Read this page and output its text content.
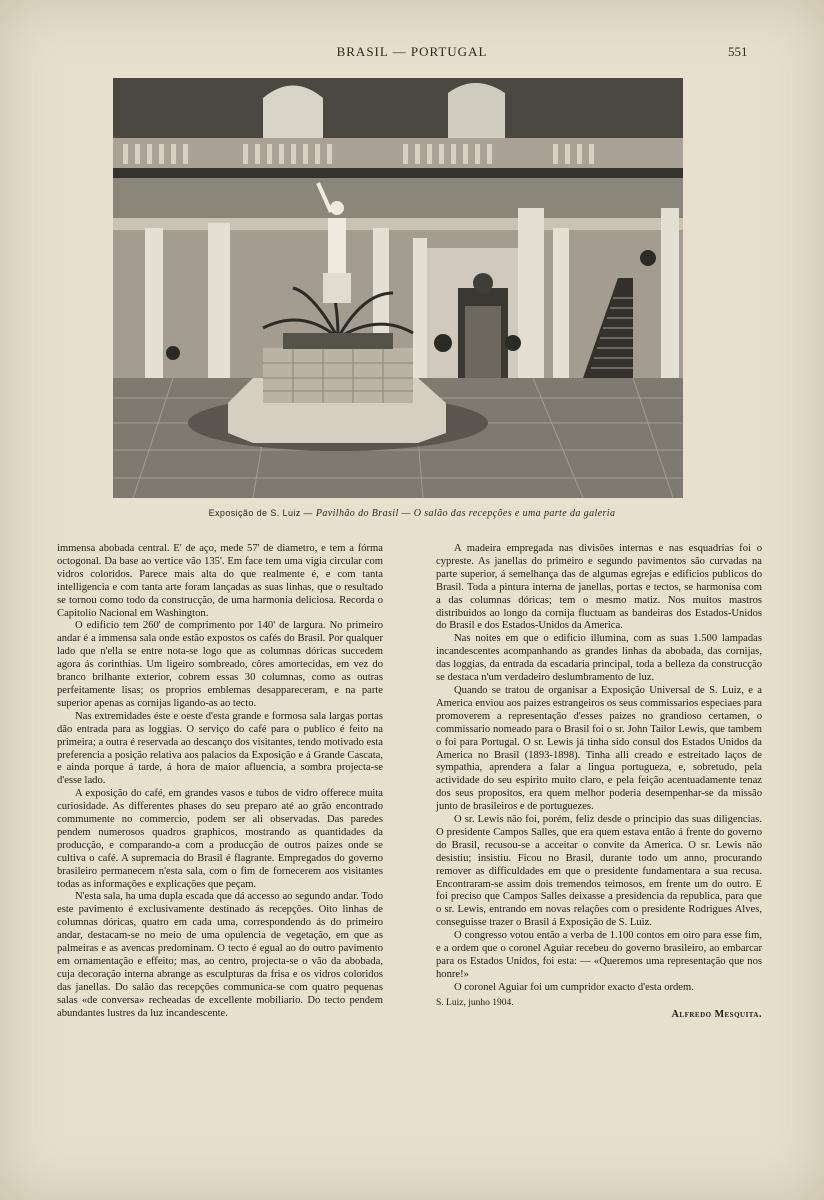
BRASIL — PORTUGAL	551
Exposição de S. Luiz — Pavilhão do Brasil — O salão das recepções e uma parte da galeria

immensa abobada central. E' de aço, mede 57' de diametro, e tem a fórma octogonal. Da base ao vertice vão 135'. Em face tem uma vigia circular com vidros coloridos. Parece mais alta do que realmente é, e com tanta intelligencia e com tanta arte foram lançadas as suas linhas, que o resultado se tornou como todo da construcção, de uma harmonia deliciosa. Recorda o Capitolio Nacional em Washington.

O edificio tem 260' de comprimento por 140' de largura. No primeiro andar é a immensa sala onde estão expostos os cafés do Brasil. Por qualquer lado que n'ella se entre nota-se logo que as columnas dóricas succedem agora ás corinthias. Um ligeiro sombreado, côres amortecidas, em vez do branco brilhante exterior, cobrem essas 30 columnas, como as outras perfeitamente lisas; os proprios emblemas desappareceram, e na parte superior apenas as cornijas ligando-as ao tecto.

Nas extremidades éste e oeste d'esta grande e formosa sala largas portas dão entrada para as loggias. O serviço do café para o publico é feito na primeira; a outra é reservada ao descanço dos visitantes, tendo motivado esta preferencia a posição relativa aos palacios da Exposição e á Grande Cascata, e ainda porque á tarde, á hora de maior afluencia, a sombra projecta-se d'esse lado.

A exposição do café, em grandes vasos e tubos de vidro offerece muita curiosidade. As differentes phases do seu preparo até ao grão encontrado commumente no commercio, podem ser ali observadas. Das paredes pendem numerosos quadros graphicos, mostrando as quantidades da producção, e comparando-a com a producção de outros paizes onde se cultiva o café. A supremacia do Brasil é flagrante. Empregados do governo brasileiro permanecem n'esta sala, com o fim de fornecerem aos visitantes todas as informações e explicações que peçam.

N'esta sala, ha uma dupla escada que dá accesso ao segundo andar. Todo este pavimento é exclusivamente destinado ás recepções. Oito linhas de columnas dóricas, quatro em cada uma, correspondendo ás do primeiro andar, destacam-se no meio de uma opulencia de vegetação, em que as palmeiras e as avencas predominam. O tecto é egual ao do outro pavimento em ornamentação e effeito; mas, ao centro, projecta-se o vão da abobada, cuja decoração interna abrange as esculpturas da frisa e os vidros coloridos das janellas. Do salão das recepções communica-se com quatro pequenas salas «de conversa» recheadas de excellente mobiliario. Do tecto pendem abundantes lustres da luz incandescente.

A madeira empregada nas divisões internas e nas esquadrias foi o cypreste. As janellas do primeiro e segundo pavimentos são curvadas na parte superior, á semelhança das de algumas egrejas e edificios publicos do Brasil. Toda a pintura interna de janellas, portas e tectos, se harmonisa com a das columnas dóricas; tem o mesmo matiz. Nos muitos mastros distribuidos ao longo da cornija fluctuam as bandeiras dos Estados-Unidos do Brasil e dos Estados-Unidos da America.

Nas noites em que o edificio illumina, com as suas 1.500 lampadas incandescentes acompanhando as grandes linhas da abobada, das cornijas, das loggias, da entrada da escadaria principal, toda a belleza da construcção se destaca n'um verdadeiro deslumbramento de luz.

Quando se tratou de organisar a Exposição Universal de S. Luiz, e a America enviou aos paizes estrangeiros os seus commissarios especiaes para promoverem a representação d'esses paizes no grandioso certamen, o commissario nomeado para o Brasil foi o sr. John Tailor Lewis, que tambem o foi para Portugal. O sr. Lewis já tinha sido consul dos Estados Unidos da America no Brasil (1893-1898). Tinha alli creado e estreitado laços de sympathia, aprendera a falar a lingua portugueza, e, sobretudo, pela actividade do seu espirito muito claro, e pela feição acentuadamente tenaz dos seus propositos, era quem melhor poderia desempenhar-se da missão junto de brasileiros e de portuguezes.

O sr. Lewis não foi, porém, feliz desde o principio das suas diligencias. O presidente Campos Salles, que era quem estava então á frente do governo do Brasil, recusou-se a acceitar o convite da America. O sr. Lewis não desistiu; insistiu. Ficou no Brasil, durante todo um anno, procurando remover as difficuldades em que o presidente fundamentara a sua recusa. Encontraram-se assim dois tremendos teimosos, em frente um do outro. E foi preciso que Campos Salles deixasse a presidencia da republica, para que o sr. Lewis, entrando em novas relações com o presidente Rodrigues Alves, conseguisse trazer o Brasil á Exposição de S. Luiz.

O congresso votou então a verba de 1.100 contos em oiro para esse fim, e a ordem que o coronel Aguiar recebeu do governo brasileiro, ao embarcar para os Estados Unidos, foi esta: — «Queremos uma representação que nos honre!»

O coronel Aguiar foi um cumpridor exacto d'esta ordem.

S. Luiz, junho 1904.
Alfredo Mesquita.
